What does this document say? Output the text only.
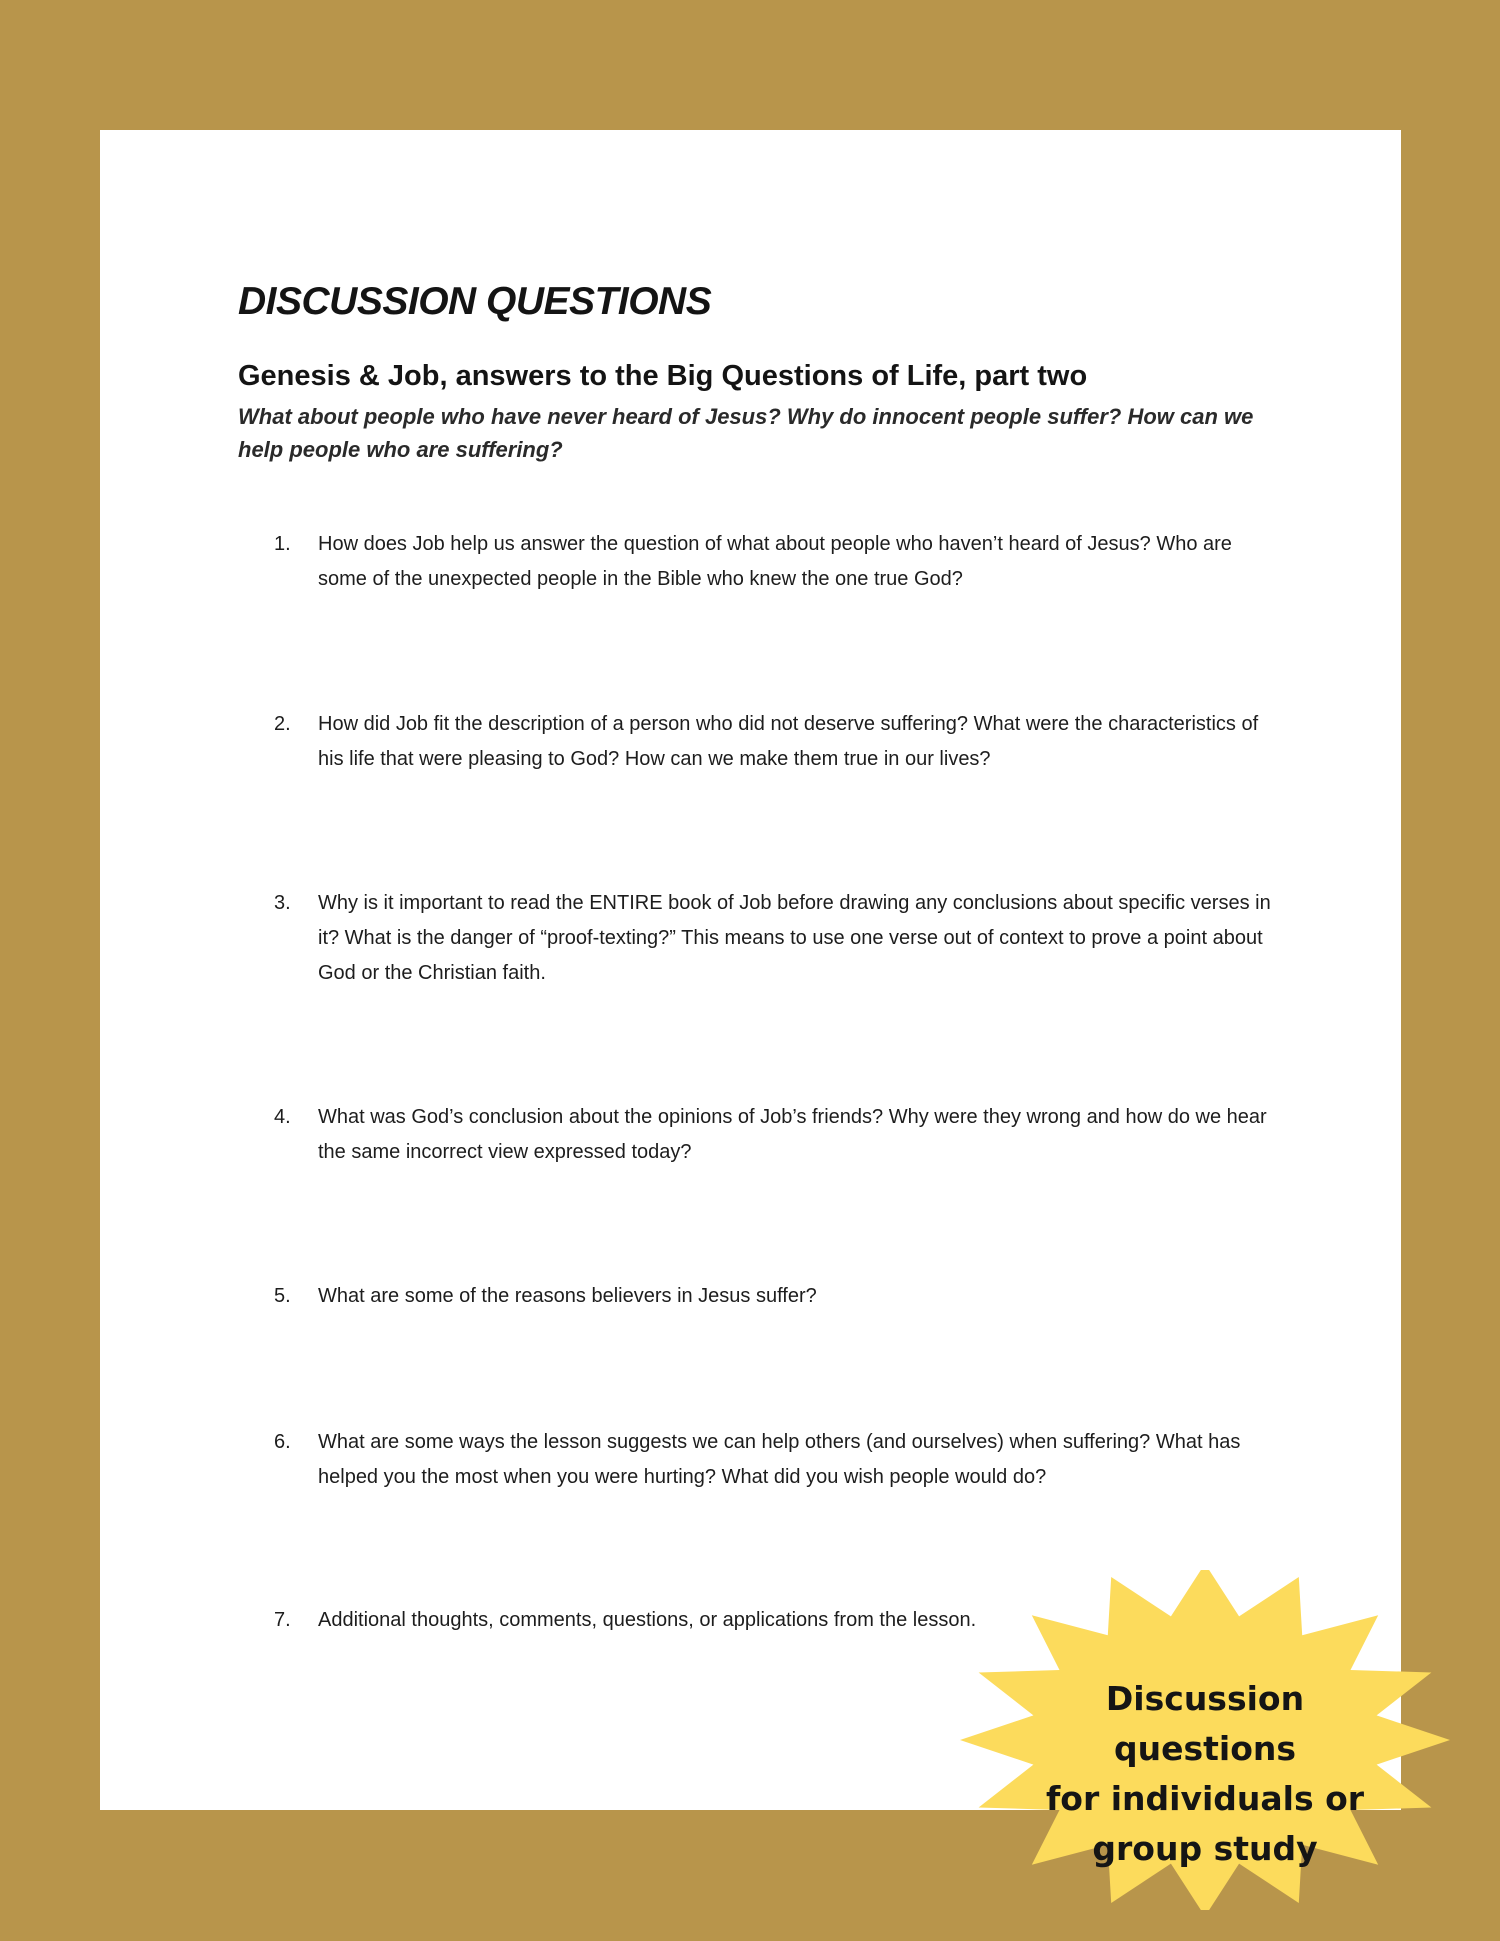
DISCUSSION QUESTIONS
Genesis & Job, answers to the Big Questions of Life, part two

What about people who have never heard of Jesus? Why do innocent people suffer? How can we help people who are suffering?

1.	How does Job help us answer the question of what about people who haven’t heard of Jesus? Who are some of the unexpected people in the Bible who knew the one true God?
2.	How did Job fit the description of a person who did not deserve suffering? What were the characteristics of his life that were pleasing to God? How can we make them true in our lives?
3.	Why is it important to read the ENTIRE book of Job before drawing any conclusions about specific verses in it? What is the danger of “proof-texting?” This means to use one verse out of context to prove a point about God or the Christian faith.
4.	What was God’s conclusion about the opinions of Job’s friends? Why were they wrong and how do we hear the same incorrect view expressed today?
5.	What are some of the reasons believers in Jesus suffer?
6.	What are some ways the lesson suggests we can help others (and ourselves) when suffering? What has helped you the most when you were hurting? What did you wish people would do?
7.	Additional thoughts, comments, questions, or applications from the lesson.
Discussion questions
for individuals or
group study
